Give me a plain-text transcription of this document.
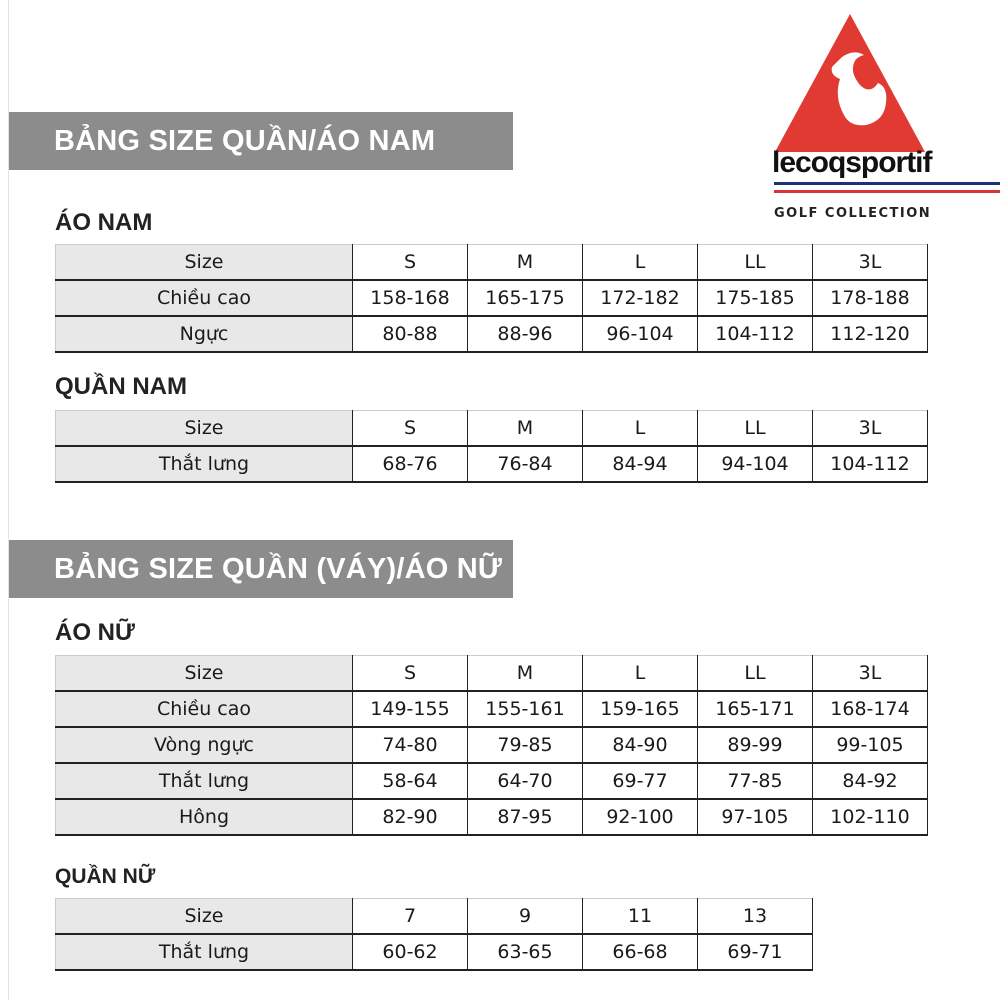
BẢNG SIZE QUẦN/ÁO NAM
ÁO NAM
Size	S	M	L	LL	3L
Chiều cao	158-168	165-175	172-182	175-185	178-188
Ngực	80-88	88-96	96-104	104-112	112-120
QUẦN NAM
Size	S	M	L	LL	3L
Thắt lưng	68-76	76-84	84-94	94-104	104-112
BẢNG SIZE QUẦN (VÁY)/ÁO NỮ
ÁO NỮ
Size	S	M	L	LL	3L
Chiều cao	149-155	155-161	159-165	165-171	168-174
Vòng ngực	74-80	79-85	84-90	89-99	99-105
Thắt lưng	58-64	64-70	69-77	77-85	84-92
Hông	82-90	87-95	92-100	97-105	102-110
QUẦN NỮ
Size	7	9	11	13
Thắt lưng	60-62	63-65	66-68	69-71
lecoqsportif
GOLF COLLECTION
